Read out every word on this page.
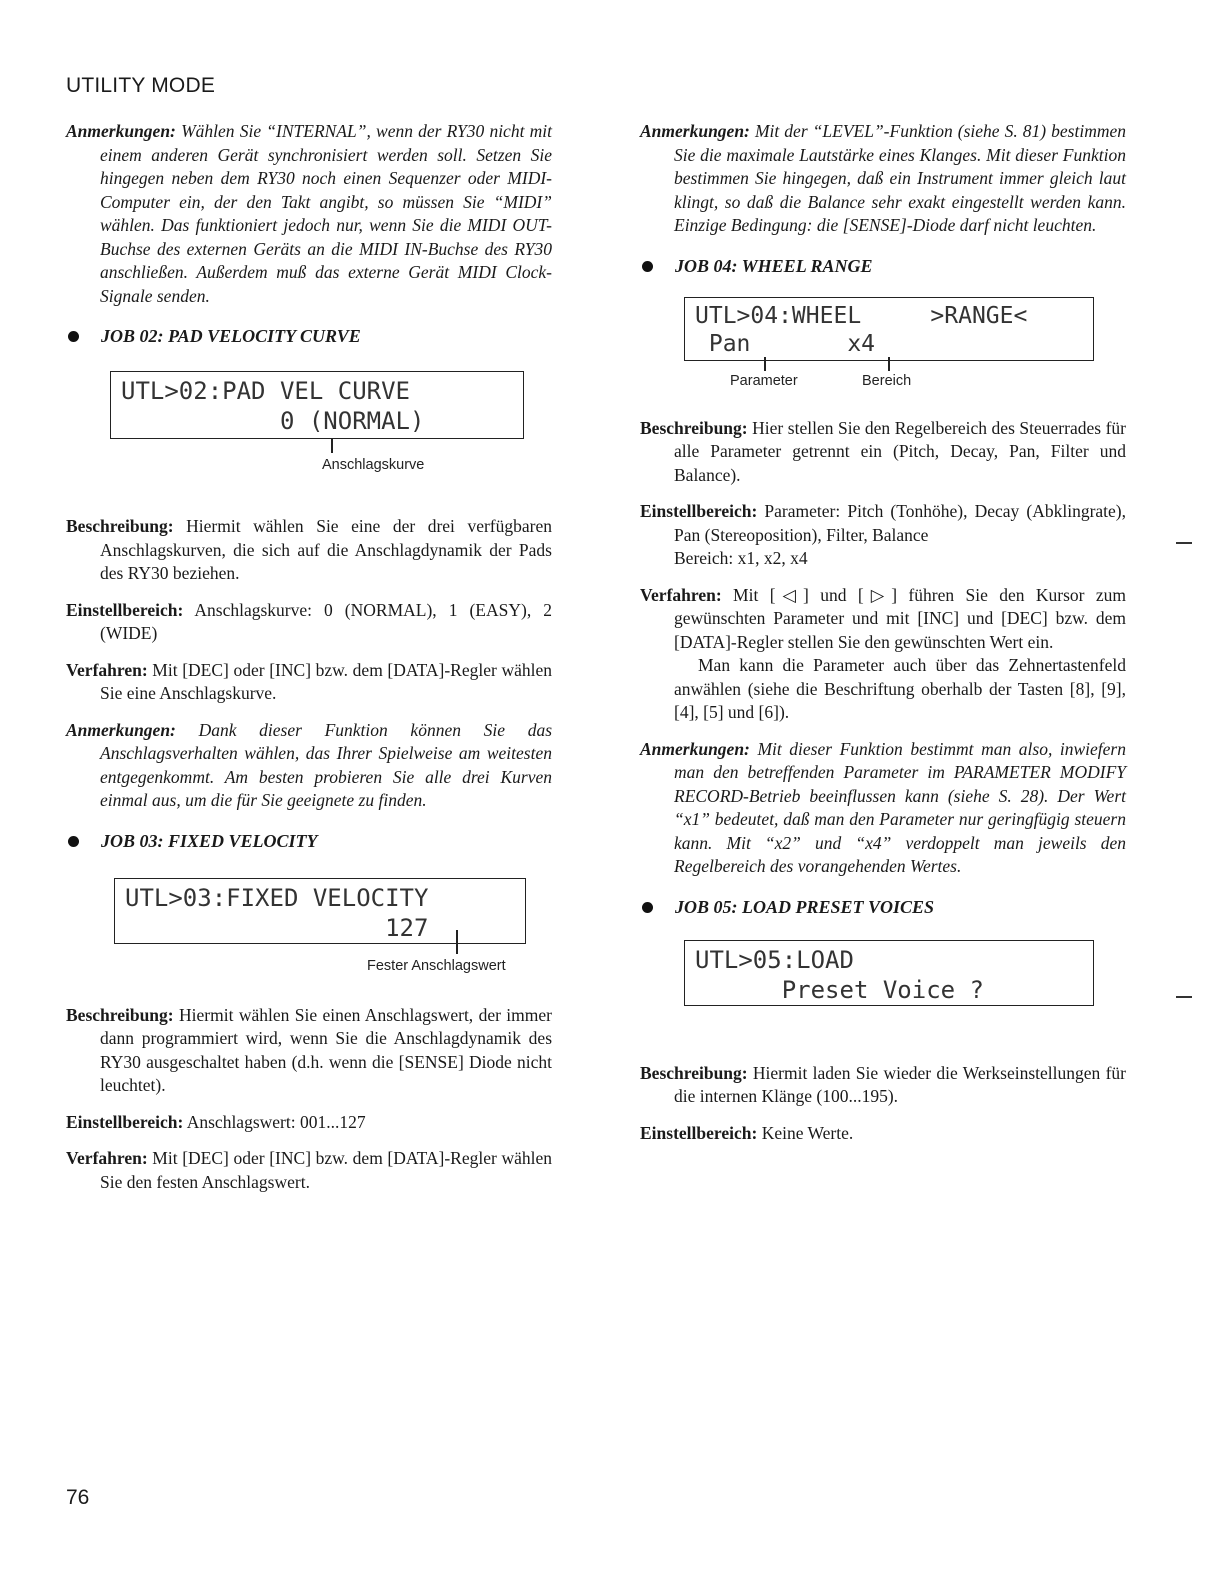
UTILITY MODE

Anmerkungen: Wählen Sie “INTERNAL”, wenn der RY30 nicht mit einem anderen Gerät synchronisiert werden soll. Setzen Sie hingegen neben dem RY30 noch einen Sequenzer oder MIDI-Computer ein, der den Takt angibt, so müssen Sie “MIDI” wählen. Das funktioniert jedoch nur, wenn Sie die MIDI OUT-Buchse des externen Geräts an die MIDI IN-Buchse des RY30 anschließen. Außerdem muß das externe Gerät MIDI Clock-Signale senden.

JOB 02: PAD VELOCITY CURVE

UTL>02:PAD VEL CURVE
0 (NORMAL)
Anschlagskurve

Beschreibung: Hiermit wählen Sie eine der drei verfügbaren Anschlagskurven, die sich auf die Anschlagdynamik der Pads des RY30 beziehen.

Einstellbereich: Anschlagskurve: 0 (NORMAL), 1 (EASY), 2 (WIDE)

Verfahren: Mit [DEC] oder [INC] bzw. dem [DATA]-Regler wählen Sie eine Anschlagskurve.

Anmerkungen: Dank dieser Funktion können Sie das Anschlagsverhalten wählen, das Ihrer Spielweise am weitesten entgegenkommt. Am besten probieren Sie alle drei Kurven einmal aus, um die für Sie geeignete zu finden.

JOB 03: FIXED VELOCITY

UTL>03:FIXED VELOCITY
127
Fester Anschlagswert

Beschreibung: Hiermit wählen Sie einen Anschlagswert, der immer dann programmiert wird, wenn Sie die Anschlagdynamik des RY30 ausgeschaltet haben (d.h. wenn die [SENSE] Diode nicht leuchtet).

Einstellbereich: Anschlagswert: 001...127

Verfahren: Mit [DEC] oder [INC] bzw. dem [DATA]-Regler wählen Sie den festen Anschlagswert.

Anmerkungen: Mit der “LEVEL”-Funktion (siehe S. 81) bestimmen Sie die maximale Lautstärke eines Klanges. Mit dieser Funktion bestimmen Sie hingegen, daß ein Instrument immer gleich laut klingt, so daß die Balance sehr exakt eingestellt werden kann. Einzige Bedingung: die [SENSE]-Diode darf nicht leuchten.

JOB 04: WHEEL RANGE

UTL>04:WHEEL     >RANGE<
Pan       x4
Parameter	Bereich

Beschreibung: Hier stellen Sie den Regelbereich des Steuerrades für alle Parameter getrennt ein (Pitch, Decay, Pan, Filter und Balance).

Einstellbereich: Parameter: Pitch (Tonhöhe), Decay (Abklingrate), Pan (Stereoposition), Filter, Balance
Bereich: x1, x2, x4

Verfahren: Mit [◁] und [▷] führen Sie den Kursor zum gewünschten Parameter und mit [INC] und [DEC] bzw. dem [DATA]-Regler stellen Sie den gewünschten Wert ein.
Man kann die Parameter auch über das Zehnertastenfeld anwählen (siehe die Beschriftung oberhalb der Tasten [8], [9], [4], [5] und [6]).

Anmerkungen: Mit dieser Funktion bestimmt man also, inwiefern man den betreffenden Parameter im PARAMETER MODIFY RECORD-Betrieb beeinflussen kann (siehe S. 28). Der Wert “x1” bedeutet, daß man den Parameter nur geringfügig steuern kann. Mit “x2” und “x4” verdoppelt man jeweils den Regelbereich des vorangehenden Wertes.

JOB 05: LOAD PRESET VOICES

UTL>05:LOAD
Preset Voice ?

Beschreibung: Hiermit laden Sie wieder die Werkseinstellungen für die internen Klänge (100...195).

Einstellbereich: Keine Werte.

76
